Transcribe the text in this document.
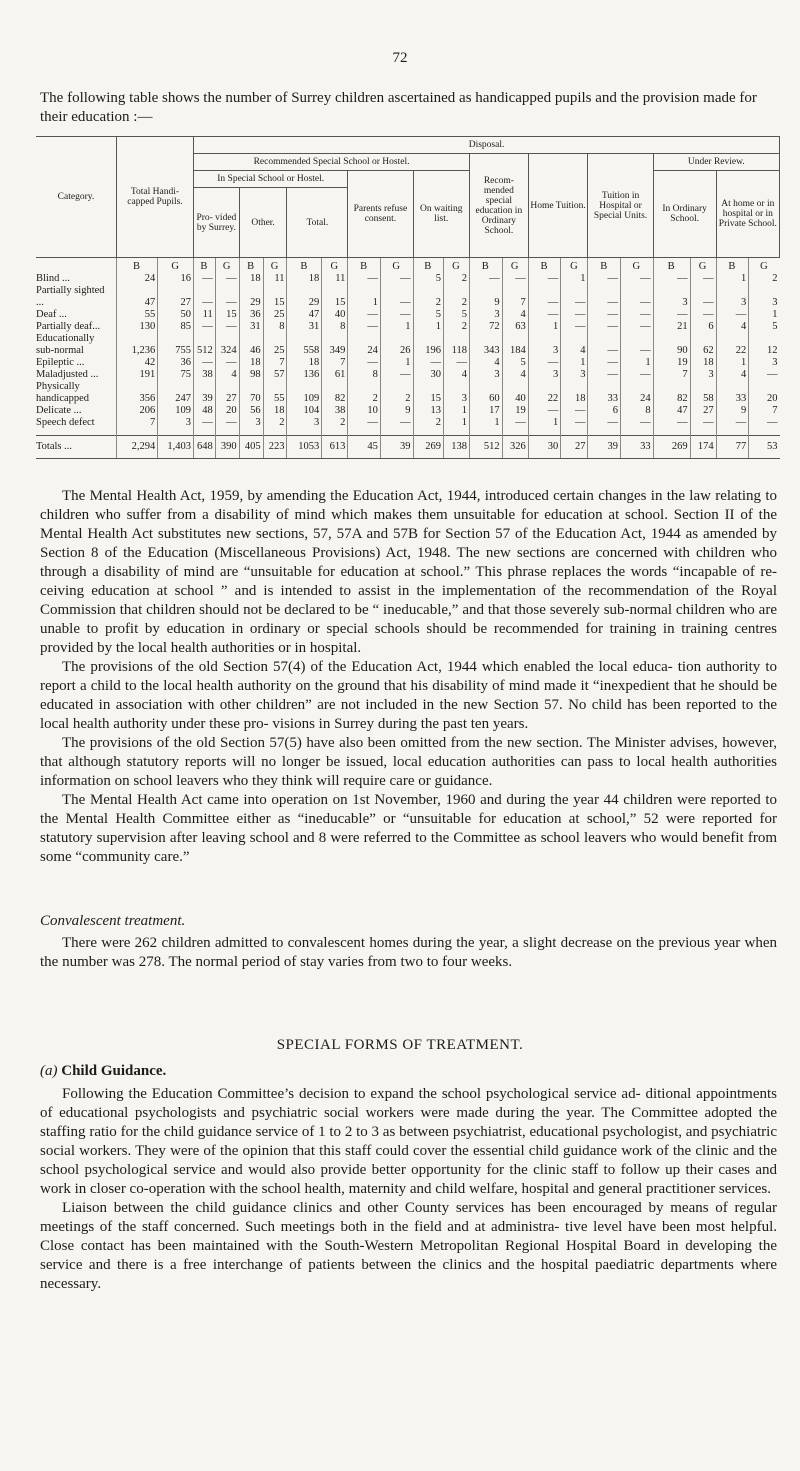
72
The following table shows the number of Surrey children ascertained as handicapped pupils and the provision made for their education :—
Category.	Total Handi- capped Pupils.		Disposal.																			
			Recommended Special School or Hostel.										Recom- mended special education in Ordinary School.		Home Tuition.		Tuition in Hospital or Special Units.		Under Review.			
			In Special School or Hostel.						Parents refuse consent.		On waiting list.								In Ordinary School.		At home or in hospital or in Private School.	
			Pro- vided by Surrey.		Other.		Total.															
	B	G	B	G	B	G	B	G	B	G	B	G	B	G	B	G	B	G	B	G	B	G
Blind ...	24	16	—	—	18	11	18	11	—	—	5	2	—	—	—	1	—	—	—	—	1	2
Partially sighted ...	47	27	—	—	29	15	29	15	1	—	2	2	9	7	—	—	—	—	3	—	3	3
Deaf ...	55	50	11	15	36	25	47	40	—	—	5	5	3	4	—	—	—	—	—	—	—	1
Partially deaf...	130	85	—	—	31	8	31	8	—	1	1	2	72	63	1	—	—	—	21	6	4	5
Educationally sub-normal	1,236	755	512	324	46	25	558	349	24	26	196	118	343	184	3	4	—	—	90	62	22	12
Epileptic ...	42	36	—	—	18	7	18	7	—	1	—	—	4	5	—	1	—	1	19	18	1	3
Maladjusted ...	191	75	38	4	98	57	136	61	8	—	30	4	3	4	3	3	—	—	7	3	4	—
Physically handicapped	356	247	39	27	70	55	109	82	2	2	15	3	60	40	22	18	33	24	82	58	33	20
Delicate ...	206	109	48	20	56	18	104	38	10	9	13	1	17	19	—	—	6	8	47	27	9	7
Speech defect	7	3	—	—	3	2	3	2	—	—	2	1	1	—	1	—	—	—	—	—	—	—

Totals ...	2,294	1,403	648	390	405	223	1053	613	45	39	269	138	512	326	30	27	39	33	269	174	77	53

The Mental Health Act, 1959, by amending the Education Act, 1944, introduced certain changes in the law relating to children who suffer from a disability of mind which makes them unsuitable for education at school. Section II of the Mental Health Act substitutes new sections, 57, 57A and 57B for Section 57 of the Education Act, 1944 as amended by Section 8 of the Education (Miscellaneous Provisions) Act, 1948. The new sections are concerned with children who through a disability of mind are “unsuitable for education at school.” This phrase replaces the words “incapable of re- ceiving education at school ” and is intended to assist in the implementation of the recommendation of the Royal Commission that children should not be declared to be “ ineducable,” and that those severely sub-normal children who are unable to profit by education in ordinary or special schools should be recommended for training in training centres provided by the local health authorities or in hospital.

The provisions of the old Section 57(4) of the Education Act, 1944 which enabled the local educa- tion authority to report a child to the local health authority on the ground that his disability of mind made it “inexpedient that he should be educated in association with other children” are not included in the new Section 57. No child has been reported to the local health authority under these pro- visions in Surrey during the past ten years.

The provisions of the old Section 57(5) have also been omitted from the new section. The Minister advises, however, that although statutory reports will no longer be issued, local education authorities can pass to local health authorities information on school leavers who they think will require care or guidance.

The Mental Health Act came into operation on 1st November, 1960 and during the year 44 children were reported to the Mental Health Committee either as “ineducable” or “unsuitable for education at school,” 52 were reported for statutory supervision after leaving school and 8 were referred to the Committee as school leavers who would benefit from some “community care.”

Convalescent treatment.

There were 262 children admitted to convalescent homes during the year, a slight decrease on the previous year when the number was 278. The normal period of stay varies from two to four weeks.

SPECIAL FORMS OF TREATMENT.
(a) Child Guidance.

Following the Education Committee’s decision to expand the school psychological service ad- ditional appointments of educational psychologists and psychiatric social workers were made during the year. The Committee adopted the staffing ratio for the child guidance service of 1 to 2 to 3 as between psychiatrist, educational psychologist, and psychiatric social workers. They were of the opinion that this staff could cover the essential child guidance work of the clinic and the school psychological service and would also provide better opportunity for the clinic staff to follow up their cases and work in closer co-operation with the school health, maternity and child welfare, hospital and general practitioner services.

Liaison between the child guidance clinics and other County services has been encouraged by means of regular meetings of the staff concerned. Such meetings both in the field and at administra- tive level have been most helpful. Close contact has been maintained with the South-Western Metropolitan Regional Hospital Board in developing the service and there is a free interchange of patients between the clinics and the hospital paediatric departments where necessary.
